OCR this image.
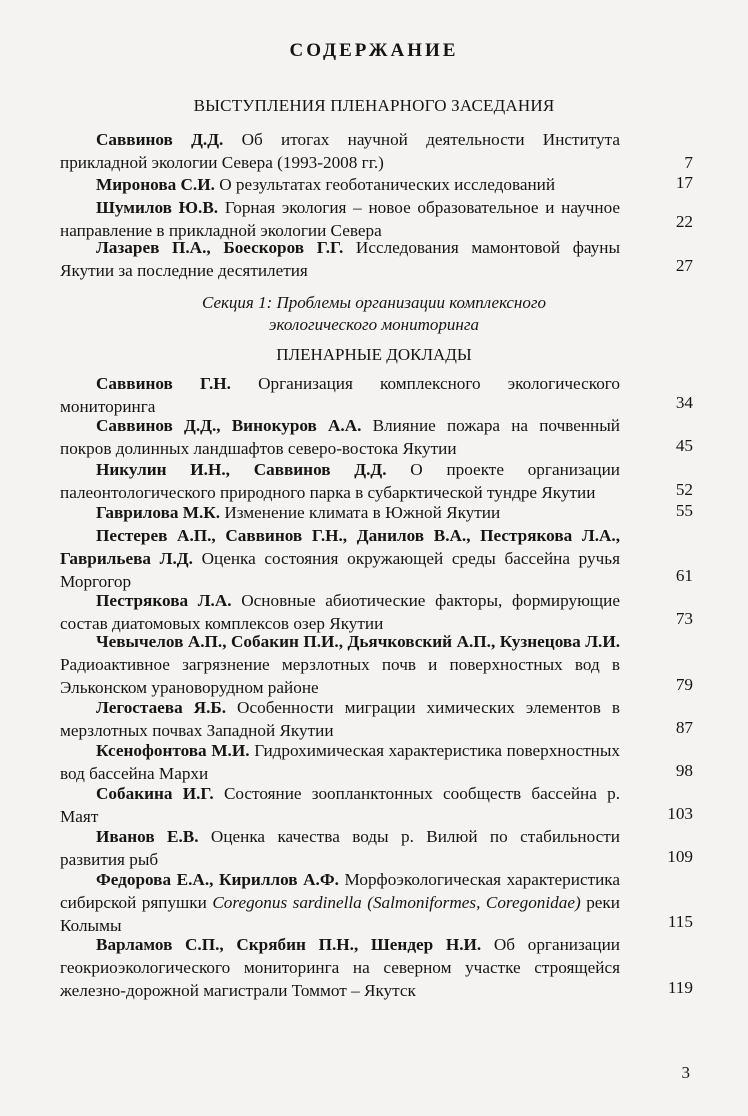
СОДЕРЖАНИЕ
ВЫСТУПЛЕНИЯ ПЛЕНАРНОГО ЗАСЕДАНИЯ
Саввинов Д.Д. Об итогах научной деятельности Института прикладной экологии Севера (1993-2008 гг.)	7
Миронова С.И. О результатах геоботанических исследований	17
Шумилов Ю.В. Горная экология – новое образовательное и научное направление в прикладной экологии Севера	22
Лазарев П.А., Боескоров Г.Г. Исследования мамонтовой фауны Якутии за последние десятилетия	27
Секция 1: Проблемы организации комплексного
экологического мониторинга
ПЛЕНАРНЫЕ ДОКЛАДЫ
Саввинов Г.Н. Организация комплексного экологического мониторинга	34
Саввинов Д.Д., Винокуров А.А. Влияние пожара на почвенный покров долинных ландшафтов северо-востока Якутии	45
Никулин И.Н., Саввинов Д.Д. О проекте организации палеонтологического природного парка в субарктической тундре Якутии	52
Гаврилова М.К. Изменение климата в Южной Якутии	55
Пестерев А.П., Саввинов Г.Н., Данилов В.А., Пестрякова Л.А., Гаврильева Л.Д. Оценка состояния окружающей среды бассейна ручья Моргогор	61
Пестрякова Л.А. Основные абиотические факторы, формирующие состав диатомовых комплексов озер Якутии	73
Чевычелов А.П., Собакин П.И., Дьячковский А.П., Кузнецова Л.И. Радиоактивное загрязнение мерзлотных почв и поверхностных вод в Эльконском урановорудном районе	79
Легостаева Я.Б. Особенности миграции химических элементов в мерзлотных почвах Западной Якутии	87
Ксенофонтова М.И. Гидрохимическая характеристика поверхностных вод бассейна Мархи	98
Собакина И.Г. Состояние зоопланктонных сообществ бассейна р. Маят	103
Иванов Е.В. Оценка качества воды р. Вилюй по стабильности развития рыб	109
Федорова Е.А., Кириллов А.Ф. Морфоэкологическая характеристика сибирской ряпушки Coregonus sardinella (Salmoniformes, Coregonidae) реки Колымы	115
Варламов С.П., Скрябин П.Н., Шендер Н.И. Об организации геокриоэкологического мониторинга на северном участке строящейся железно-дорожной магистрали Томмот – Якутск	119
3
